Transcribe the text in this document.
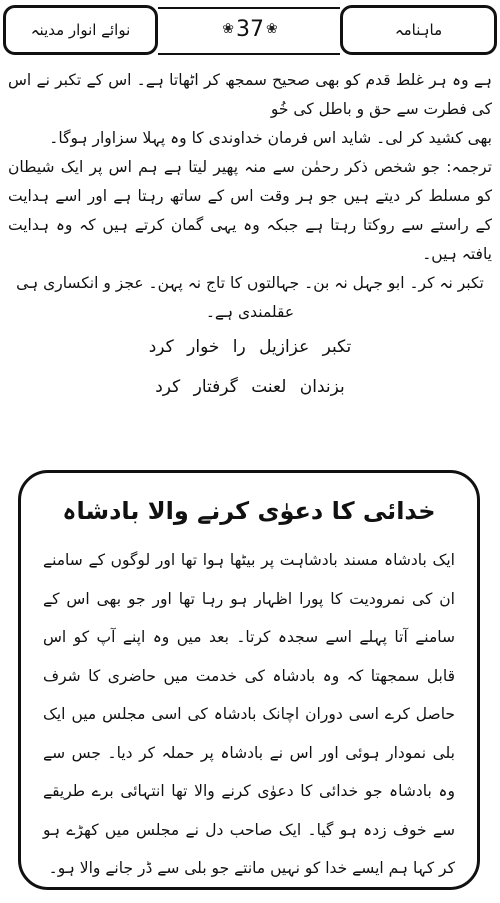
ماہنامہ
❀ 37 ❀
نوائے انوار مدینہ

ہے وہ ہر غلط قدم کو بھی صحیح سمجھ کر اٹھاتا ہے۔ اس کے تکبر نے اس کی فطرت سے حق و باطل کی خُو

بھی کشید کر لی۔ شاید اس فرمان خداوندی کا وہ پہلا سزاوار ہوگا۔

ترجمہ: جو شخص ذکر رحمٰن سے منہ پھیر لیتا ہے ہم اس پر ایک شیطان کو مسلط کر دیتے ہیں جو ہر وقت اس کے ساتھ رہتا ہے اور اسے ہدایت کے راستے سے روکتا رہتا ہے جبکہ وہ یہی گمان کرتے ہیں کہ وہ ہدایت یافتہ ہیں۔

تکبر نہ کر۔ ابو جہل نہ بن۔ جہالتوں کا تاج نہ پہن۔ عجز و انکساری ہی عقلمندی ہے۔

تکبر عزازیل را خوار کرد

بزندان لعنت گرفتار کرد

خدائی کا دعوٰی کرنے والا بادشاہ

ایک بادشاہ مسند بادشاہت پر بیٹھا ہوا تھا اور لوگوں کے سامنے ان کی نمرودیت کا پورا اظہار ہو رہا تھا اور جو بھی اس کے سامنے آتا پہلے اسے سجدہ کرتا۔ بعد میں وہ اپنے آپ کو اس قابل سمجھتا کہ وہ بادشاہ کی خدمت میں حاضری کا شرف حاصل کرے اسی دوران اچانک بادشاہ کی اسی مجلس میں ایک بلی نمودار ہوئی اور اس نے بادشاہ پر حملہ کر دیا۔ جس سے وہ بادشاہ جو خدائی کا دعوٰی کرنے والا تھا انتہائی برے طریقے سے خوف زدہ ہو گیا۔ ایک صاحب دل نے مجلس میں کھڑے ہو کر کہا ہم ایسے خدا کو نہیں مانتے جو بلی سے ڈر جانے والا ہو۔
